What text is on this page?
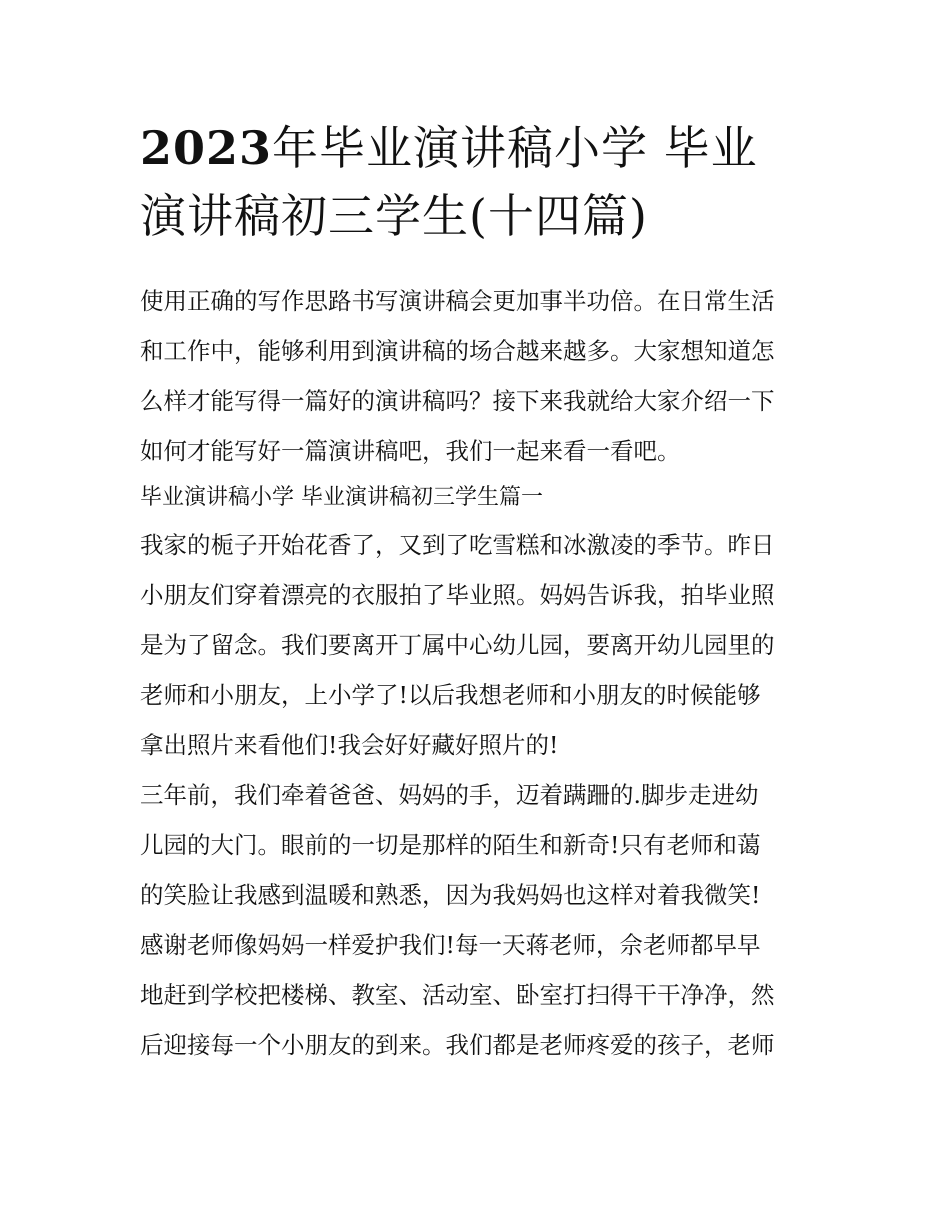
2023年毕业演讲稿小学 毕业
演讲稿初三学生(十四篇)
使用正确的写作思路书写演讲稿会更加事半功倍。在日常生活
和工作中，能够利用到演讲稿的场合越来越多。大家想知道怎
么样才能写得一篇好的演讲稿吗？接下来我就给大家介绍一下
如何才能写好一篇演讲稿吧，我们一起来看一看吧。
毕业演讲稿小学 毕业演讲稿初三学生篇一
我家的栀子开始花香了，又到了吃雪糕和冰激凌的季节。昨日
小朋友们穿着漂亮的衣服拍了毕业照。妈妈告诉我，拍毕业照
是为了留念。我们要离开丁属中心幼儿园，要离开幼儿园里的
老师和小朋友，上小学了!以后我想老师和小朋友的时候能够
拿出照片来看他们!我会好好藏好照片的!
三年前，我们牵着爸爸、妈妈的手，迈着蹒跚的.脚步走进幼
儿园的大门。眼前的一切是那样的陌生和新奇!只有老师和蔼
的笑脸让我感到温暖和熟悉，因为我妈妈也这样对着我微笑!
感谢老师像妈妈一样爱护我们!每一天蒋老师，佘老师都早早
地赶到学校把楼梯、教室、活动室、卧室打扫得干干净净，然
后迎接每一个小朋友的到来。我们都是老师疼爱的孩子，老师
